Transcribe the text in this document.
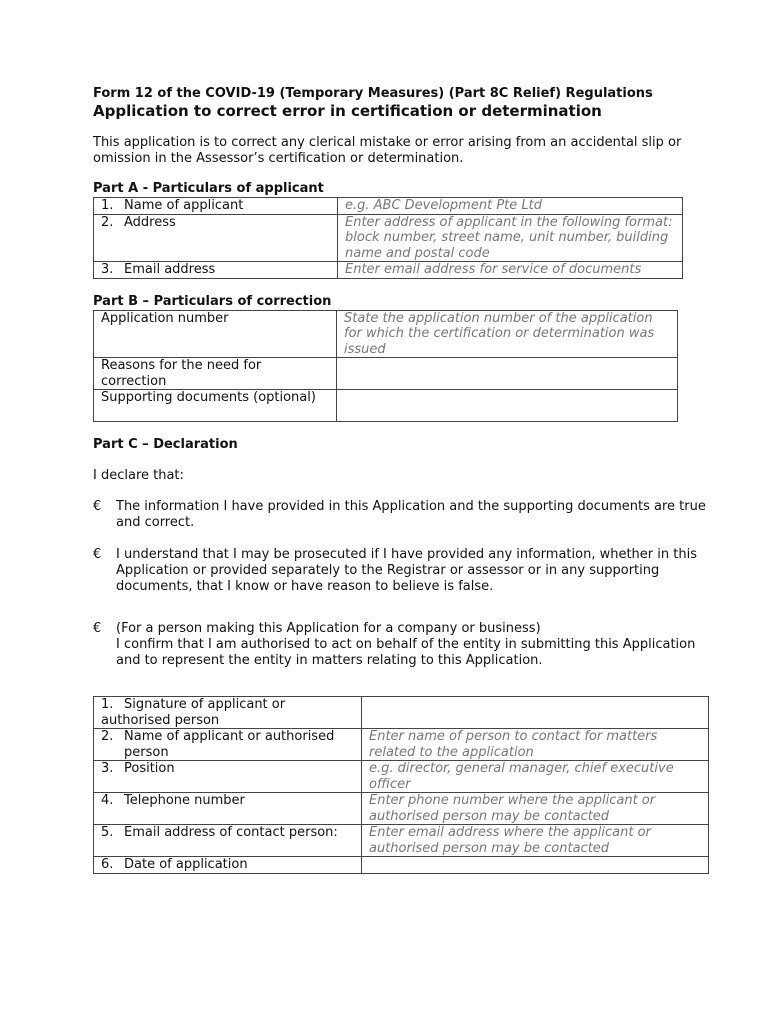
Form 12 of the COVID-19 (Temporary Measures) (Part 8C Relief) Regulations
Application to correct error in certification or determination
This application is to correct any clerical mistake or error arising from an accidental slip or omission in the Assessor’s certification or determination.
Part A - Particulars of applicant
1. Name of applicant	e.g. ABC Development Pte Ltd
2. Address	Enter address of applicant in the following format: block number, street name, unit number, building name and postal code
3. Email address	Enter email address for service of documents
Part B – Particulars of correction
Application number	State the application number of the application for which the certification or determination was issued
Reasons for the need for correction	
Supporting documents (optional)	
Part C – Declaration
I declare that:
€	The information I have provided in this Application and the supporting documents are true and correct.
€	I understand that I may be prosecuted if I have provided any information, whether in this Application or provided separately to the Registrar or assessor or in any supporting documents, that I know or have reason to believe is false.
€	(For a person making this Application for a company or business)
I confirm that I am authorised to act on behalf of the entity in submitting this Application and to represent the entity in matters relating to this Application.
1. Signature of applicant or authorised person	

2. Name of applicant or authorised person	Enter name of person to contact for matters related to the application
3. Position	e.g. director, general manager, chief executive officer
4. Telephone number	Enter phone number where the applicant or authorised person may be contacted

5. Email address of contact person:	Enter email address where the applicant or authorised person may be contacted
6. Date of application	
